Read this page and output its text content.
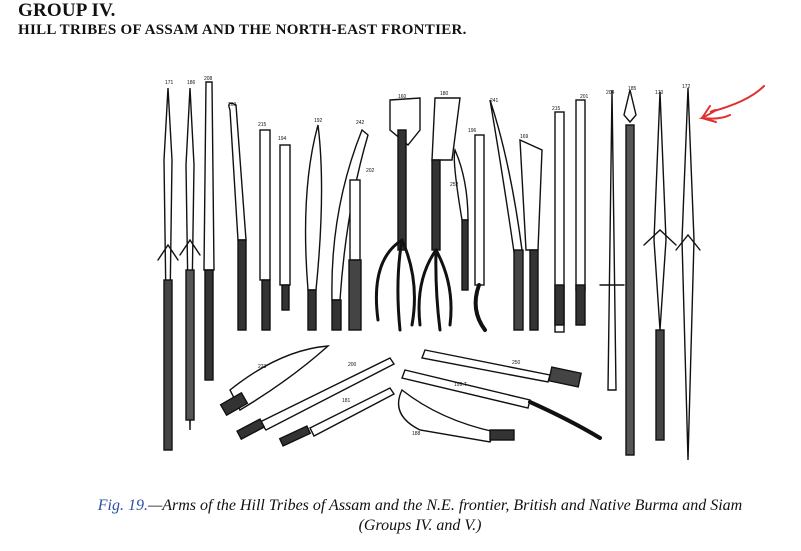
GROUP IV.
HILL TRIBES OF ASSAM AND THE NORTH-EAST FRONTIER.
171	186
208
209
215
194
192	242
202
160	180
241
196
252
169
215
201
204
185
170
172
223	200
181
250
199.T
188
Fig. 19.—Arms of the Hill Tribes of Assam and the N.E. frontier, British and Native Burma and Siam
(Groups IV. and V.)
